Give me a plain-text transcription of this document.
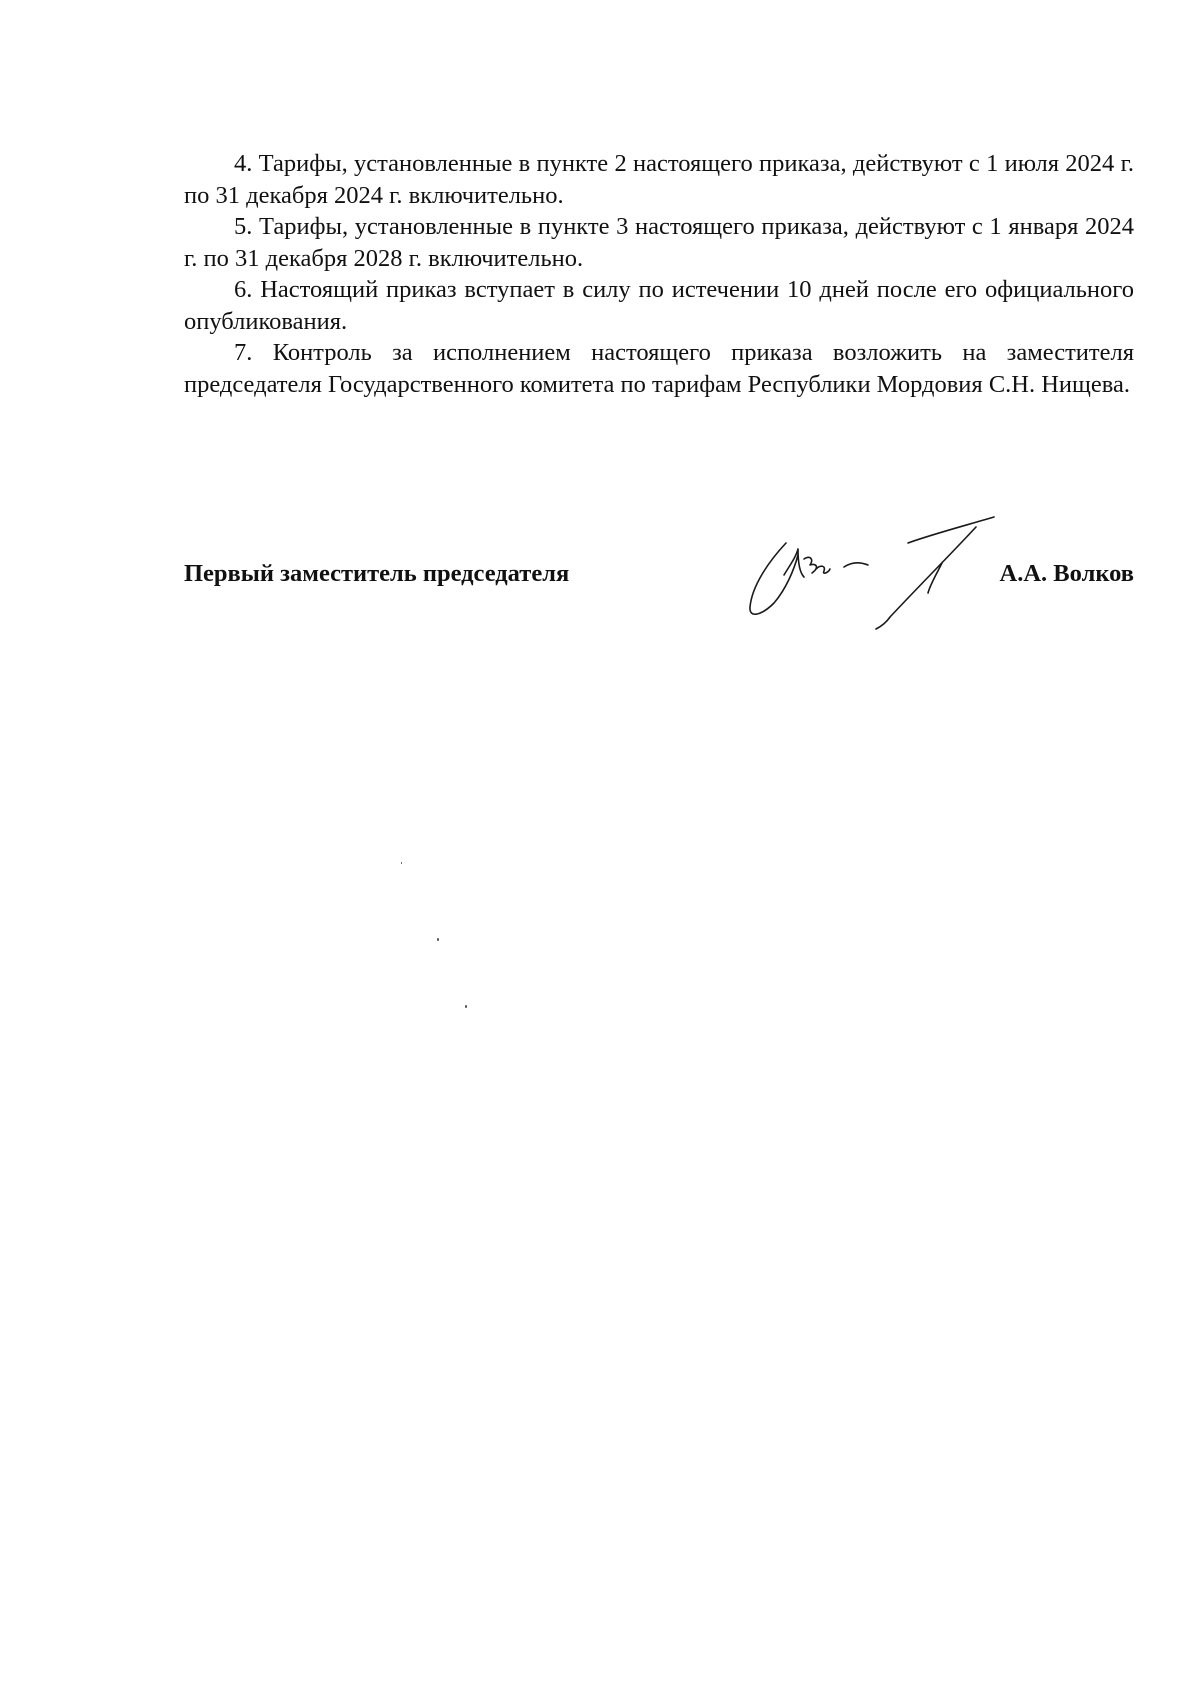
4. Тарифы, установленные в пункте 2 настоящего приказа, действуют с 1 июля 2024 г. по 31 декабря 2024 г. включительно.

5. Тарифы, установленные в пункте 3 настоящего приказа, действуют с 1 января 2024 г. по 31 декабря 2028 г. включительно.

6. Настоящий приказ вступает в силу по истечении 10 дней после его официального опубликования.

7. Контроль за исполнением настоящего приказа возложить на заместителя председателя Государственного комитета по тарифам Республики Мордовия С.Н. Нищева.

Первый заместитель председателя	А.А. Волков
